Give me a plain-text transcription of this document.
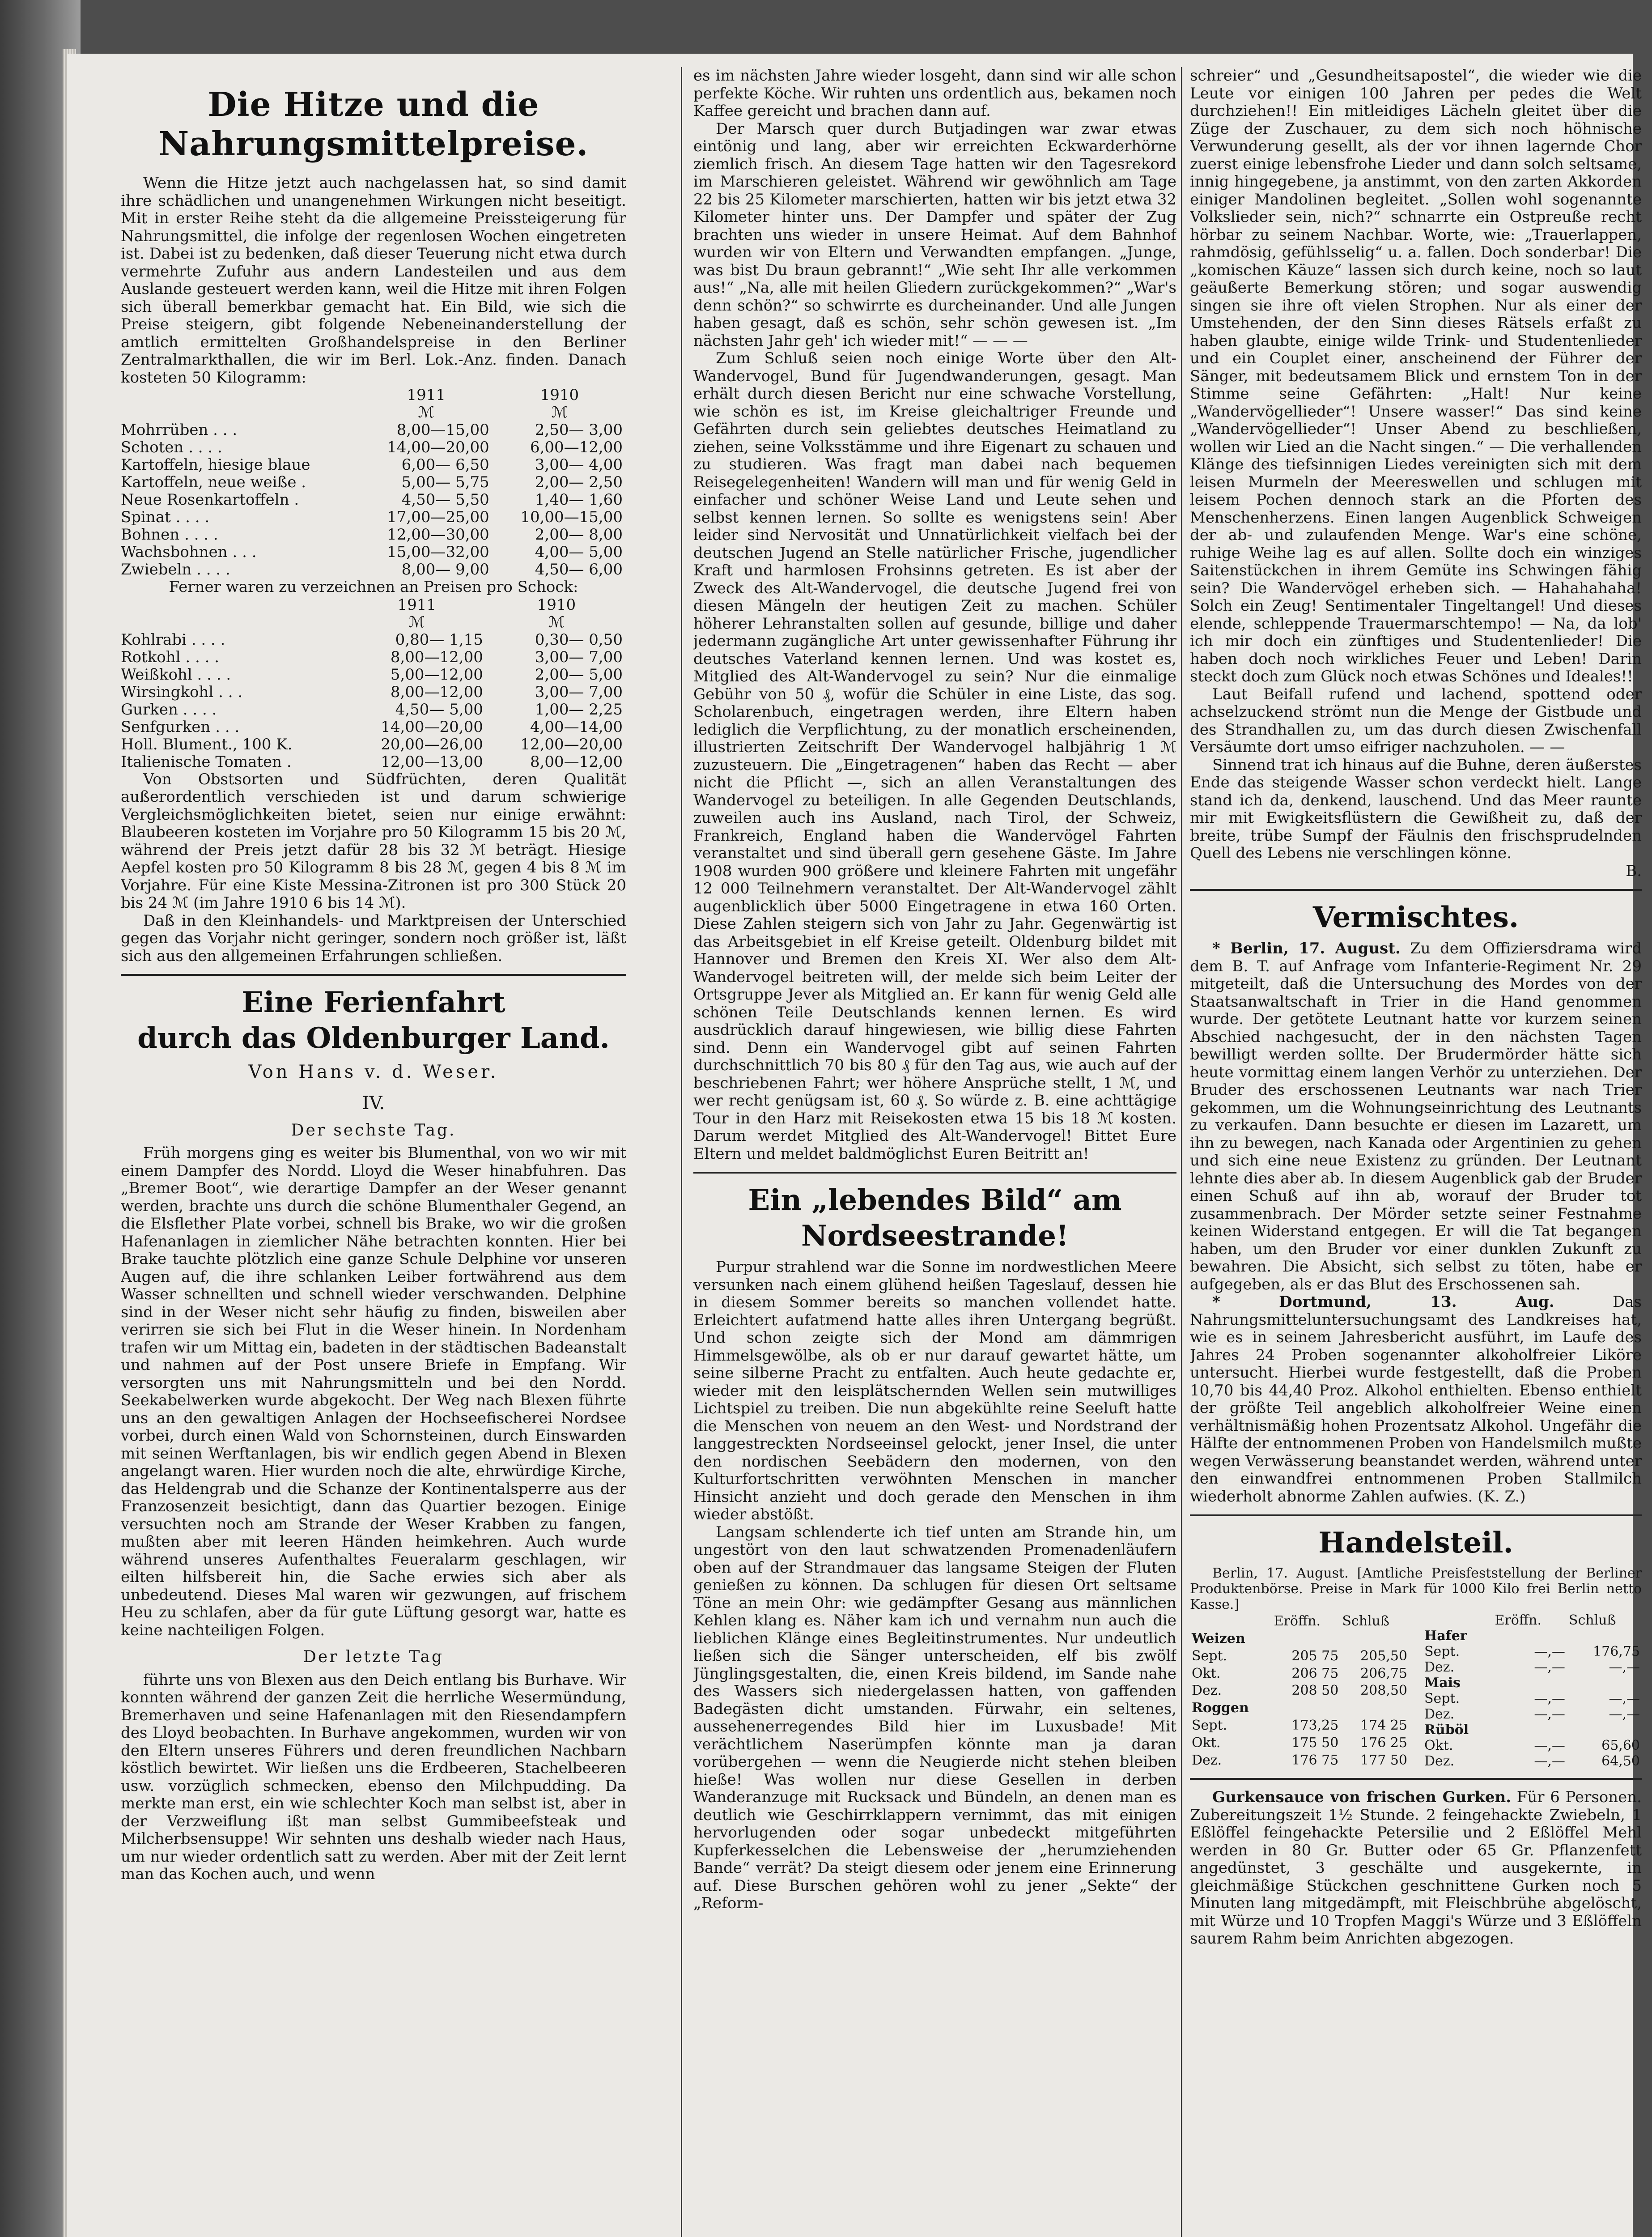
Die Hitze und die Nahrungsmittelpreise.

Wenn die Hitze jetzt auch nachgelassen hat, so sind damit ihre schädlichen und unangenehmen Wirkungen nicht beseitigt. Mit in erster Reihe steht da die allgemeine Preissteigerung für Nahrungsmittel, die infolge der regenlosen Wochen eingetreten ist. Dabei ist zu bedenken, daß dieser Teuerung nicht etwa durch vermehrte Zufuhr aus andern Landesteilen und aus dem Auslande gesteuert werden kann, weil die Hitze mit ihren Folgen sich überall bemerkbar gemacht hat. Ein Bild, wie sich die Preise steigern, gibt folgende Nebeneinanderstellung der amtlich ermittelten Großhandelspreise in den Berliner Zentralmarkthallen, die wir im Berl. Lok.-Anz. finden. Danach kosteten 50 Kilogramm:

	1911	1910
	ℳ	ℳ
Mohrrüben . . .	8,00—15,00	2,50— 3,00
Schoten . . . .	14,00—20,00	6,00—12,00
Kartoffeln, hiesige blaue	6,00— 6,50	3,00— 4,00
Kartoffeln, neue weiße .	5,00— 5,75	2,00— 2,50
Neue Rosenkartoffeln .	4,50— 5,50	1,40— 1,60
Spinat . . . .	17,00—25,00	10,00—15,00
Bohnen . . . .	12,00—30,00	2,00— 8,00
Wachsbohnen . . .	15,00—32,00	4,00— 5,00
Zwiebeln . . . .	8,00— 9,00	4,50— 6,00

Ferner waren zu verzeichnen an Preisen pro Schock:

	1911	1910
	ℳ	ℳ
Kohlrabi . . . .	0,80— 1,15	0,30— 0,50
Rotkohl . . . .	8,00—12,00	3,00— 7,00
Weißkohl . . . .	5,00—12,00	2,00— 5,00
Wirsingkohl . . .	8,00—12,00	3,00— 7,00
Gurken . . . .	4,50— 5,00	1,00— 2,25
Senfgurken . . .	14,00—20,00	4,00—14,00
Holl. Blument., 100 K.	20,00—26,00	12,00—20,00
Italienische Tomaten .	12,00—13,00	8,00—12,00

Von Obstsorten und Südfrüchten, deren Qualität außerordentlich verschieden ist und darum schwierige Vergleichsmöglichkeiten bietet, seien nur einige erwähnt: Blaubeeren kosteten im Vorjahre pro 50 Kilogramm 15 bis 20 ℳ, während der Preis jetzt dafür 28 bis 32 ℳ beträgt. Hiesige Aepfel kosten pro 50 Kilogramm 8 bis 28 ℳ, gegen 4 bis 8 ℳ im Vorjahre. Für eine Kiste Messina-Zitronen ist pro 300 Stück 20 bis 24 ℳ (im Jahre 1910 6 bis 14 ℳ).

Daß in den Kleinhandels- und Marktpreisen der Unterschied gegen das Vorjahr nicht geringer, sondern noch größer ist, läßt sich aus den allgemeinen Erfahrungen schließen.

Eine Ferienfahrt
durch das Oldenburger Land.
Von Hans v. d. Weser.
IV.
Der sechste Tag.

Früh morgens ging es weiter bis Blumenthal, von wo wir mit einem Dampfer des Nordd. Lloyd die Weser hinabfuhren. Das „Bremer Boot“, wie derartige Dampfer an der Weser genannt werden, brachte uns durch die schöne Blumenthaler Gegend, an die Elsflether Plate vorbei, schnell bis Brake, wo wir die großen Hafenanlagen in ziemlicher Nähe betrachten konnten. Hier bei Brake tauchte plötzlich eine ganze Schule Delphine vor unseren Augen auf, die ihre schlanken Leiber fortwährend aus dem Wasser schnellten und schnell wieder verschwanden. Delphine sind in der Weser nicht sehr häufig zu finden, bisweilen aber verirren sie sich bei Flut in die Weser hinein. In Nordenham trafen wir um Mittag ein, badeten in der städtischen Badeanstalt und nahmen auf der Post unsere Briefe in Empfang. Wir versorgten uns mit Nahrungsmitteln und bei den Nordd. Seekabelwerken wurde abgekocht. Der Weg nach Blexen führte uns an den gewaltigen Anlagen der Hochseefischerei Nordsee vorbei, durch einen Wald von Schornsteinen, durch Einswarden mit seinen Werftanlagen, bis wir endlich gegen Abend in Blexen angelangt waren. Hier wurden noch die alte, ehrwürdige Kirche, das Heldengrab und die Schanze der Kontinentalsperre aus der Franzosenzeit besichtigt, dann das Quartier bezogen. Einige versuchten noch am Strande der Weser Krabben zu fangen, mußten aber mit leeren Händen heimkehren. Auch wurde während unseres Aufenthaltes Feueralarm geschlagen, wir eilten hilfsbereit hin, die Sache erwies sich aber als unbedeutend. Dieses Mal waren wir gezwungen, auf frischem Heu zu schlafen, aber da für gute Lüftung gesorgt war, hatte es keine nachteiligen Folgen.

Der letzte Tag

führte uns von Blexen aus den Deich entlang bis Burhave. Wir konnten während der ganzen Zeit die herrliche Wesermündung, Bremerhaven und seine Hafenanlagen mit den Riesendampfern des Lloyd beobachten. In Burhave angekommen, wurden wir von den Eltern unseres Führers und deren freundlichen Nachbarn köstlich bewirtet. Wir ließen uns die Erdbeeren, Stachelbeeren usw. vorzüglich schmecken, ebenso den Milchpudding. Da merkte man erst, ein wie schlechter Koch man selbst ist, aber in der Verzweiflung ißt man selbst Gummibeefsteak und Milcherbsensuppe! Wir sehnten uns deshalb wieder nach Haus, um nur wieder ordentlich satt zu werden. Aber mit der Zeit lernt man das Kochen auch, und wenn

es im nächsten Jahre wieder losgeht, dann sind wir alle schon perfekte Köche. Wir ruhten uns ordentlich aus, bekamen noch Kaffee gereicht und brachen dann auf.

Der Marsch quer durch Butjadingen war zwar etwas eintönig und lang, aber wir erreichten Eckwarderhörne ziemlich frisch. An diesem Tage hatten wir den Tagesrekord im Marschieren geleistet. Während wir gewöhnlich am Tage 22 bis 25 Kilometer marschierten, hatten wir bis jetzt etwa 32 Kilometer hinter uns. Der Dampfer und später der Zug brachten uns wieder in unsere Heimat. Auf dem Bahnhof wurden wir von Eltern und Verwandten empfangen. „Junge, was bist Du braun gebrannt!“ „Wie seht Ihr alle verkommen aus!“ „Na, alle mit heilen Gliedern zurückgekommen?“ „War's denn schön?“ so schwirrte es durcheinander. Und alle Jungen haben gesagt, daß es schön, sehr schön gewesen ist. „Im nächsten Jahr geh' ich wieder mit!“ — — —

Zum Schluß seien noch einige Worte über den Alt-Wandervogel, Bund für Jugendwanderungen, gesagt. Man erhält durch diesen Bericht nur eine schwache Vorstellung, wie schön es ist, im Kreise gleichaltriger Freunde und Gefährten durch sein geliebtes deutsches Heimatland zu ziehen, seine Volksstämme und ihre Eigenart zu schauen und zu studieren. Was fragt man dabei nach bequemen Reisegelegenheiten! Wandern will man und für wenig Geld in einfacher und schöner Weise Land und Leute sehen und selbst kennen lernen. So sollte es wenigstens sein! Aber leider sind Nervosität und Unnatürlichkeit vielfach bei der deutschen Jugend an Stelle natürlicher Frische, jugendlicher Kraft und harmlosen Frohsinns getreten. Es ist aber der Zweck des Alt-Wandervogel, die deutsche Jugend frei von diesen Mängeln der heutigen Zeit zu machen. Schüler höherer Lehranstalten sollen auf gesunde, billige und daher jedermann zugängliche Art unter gewissenhafter Führung ihr deutsches Vaterland kennen lernen. Und was kostet es, Mitglied des Alt-Wandervogel zu sein? Nur die einmalige Gebühr von 50 ₰, wofür die Schüler in eine Liste, das sog. Scholarenbuch, eingetragen werden, ihre Eltern haben lediglich die Verpflichtung, zu der monatlich erscheinenden, illustrierten Zeitschrift Der Wandervogel halbjährig 1 ℳ zuzusteuern. Die „Eingetragenen“ haben das Recht — aber nicht die Pflicht —, sich an allen Veranstaltungen des Wandervogel zu beteiligen. In alle Gegenden Deutschlands, zuweilen auch ins Ausland, nach Tirol, der Schweiz, Frankreich, England haben die Wandervögel Fahrten veranstaltet und sind überall gern gesehene Gäste. Im Jahre 1908 wurden 900 größere und kleinere Fahrten mit ungefähr 12 000 Teilnehmern veranstaltet. Der Alt-Wandervogel zählt augenblicklich über 5000 Eingetragene in etwa 160 Orten. Diese Zahlen steigern sich von Jahr zu Jahr. Gegenwärtig ist das Arbeitsgebiet in elf Kreise geteilt. Oldenburg bildet mit Hannover und Bremen den Kreis XI. Wer also dem Alt-Wandervogel beitreten will, der melde sich beim Leiter der Ortsgruppe Jever als Mitglied an. Er kann für wenig Geld alle schönen Teile Deutschlands kennen lernen. Es wird ausdrücklich darauf hingewiesen, wie billig diese Fahrten sind. Denn ein Wandervogel gibt auf seinen Fahrten durchschnittlich 70 bis 80 ₰ für den Tag aus, wie auch auf der beschriebenen Fahrt; wer höhere Ansprüche stellt, 1 ℳ, und wer recht genügsam ist, 60 ₰. So würde z. B. eine achttägige Tour in den Harz mit Reisekosten etwa 15 bis 18 ℳ kosten. Darum werdet Mitglied des Alt-Wandervogel! Bittet Eure Eltern und meldet baldmöglichst Euren Beitritt an!

Ein „lebendes Bild“ am Nordseestrande!

Purpur strahlend war die Sonne im nordwestlichen Meere versunken nach einem glühend heißen Tageslauf, dessen hie in diesem Sommer bereits so manchen vollendet hatte. Erleichtert aufatmend hatte alles ihren Untergang begrüßt. Und schon zeigte sich der Mond am dämmrigen Himmelsgewölbe, als ob er nur darauf gewartet hätte, um seine silberne Pracht zu entfalten. Auch heute gedachte er, wieder mit den leisplätschernden Wellen sein mutwilliges Lichtspiel zu treiben. Die nun abgekühlte reine Seeluft hatte die Menschen von neuem an den West- und Nordstrand der langgestreckten Nordseeinsel gelockt, jener Insel, die unter den nordischen Seebädern den modernen, von den Kulturfortschritten verwöhnten Menschen in mancher Hinsicht anzieht und doch gerade den Menschen in ihm wieder abstößt.

Langsam schlenderte ich tief unten am Strande hin, um ungestört von den laut schwatzenden Promenadenläufern oben auf der Strandmauer das langsame Steigen der Fluten genießen zu können. Da schlugen für diesen Ort seltsame Töne an mein Ohr: wie gedämpfter Gesang aus männlichen Kehlen klang es. Näher kam ich und vernahm nun auch die lieblichen Klänge eines Begleitinstrumentes. Nur undeutlich ließen sich die Sänger unterscheiden, elf bis zwölf Jünglingsgestalten, die, einen Kreis bildend, im Sande nahe des Wassers sich niedergelassen hatten, von gaffenden Badegästen dicht umstanden. Fürwahr, ein seltenes, aussehenerregendes Bild hier im Luxusbade! Mit verächtlichem Naserümpfen könnte man ja daran vorübergehen — wenn die Neugierde nicht stehen bleiben hieße! Was wollen nur diese Gesellen in derben Wanderanzuge mit Rucksack und Bündeln, an denen man es deutlich wie Geschirrklappern vernimmt, das mit einigen hervorlugenden oder sogar unbedeckt mitgeführten Kupferkesselchen die Lebensweise der „herumziehenden Bande“ verrät? Da steigt diesem oder jenem eine Erinnerung auf. Diese Burschen gehören wohl zu jener „Sekte“ der „Reform-

schreier“ und „Gesundheitsapostel“, die wieder wie die Leute vor einigen 100 Jahren per pedes die Welt durchziehen!! Ein mitleidiges Lächeln gleitet über die Züge der Zuschauer, zu dem sich noch höhnische Verwunderung gesellt, als der vor ihnen lagernde Chor zuerst einige lebensfrohe Lieder und dann solch seltsame, innig hingegebene, ja anstimmt, von den zarten Akkorden einiger Mandolinen begleitet. „Sollen wohl sogenannte Volkslieder sein, nich?“ schnarrte ein Ostpreuße recht hörbar zu seinem Nachbar. Worte, wie: „Trauerlappen, rahmdösig, gefühlsselig“ u. a. fallen. Doch sonderbar! Die „komischen Käuze“ lassen sich durch keine, noch so laut geäußerte Bemerkung stören; und sogar auswendig singen sie ihre oft vielen Strophen. Nur als einer der Umstehenden, der den Sinn dieses Rätsels erfaßt zu haben glaubte, einige wilde Trink- und Studentenlieder und ein Couplet einer, anscheinend der Führer der Sänger, mit bedeutsamem Blick und ernstem Ton in der Stimme seine Gefährten: „Halt! Nur keine „Wandervögellieder“! Unsere wasser!“ Das sind keine „Wandervögellieder“! Unser Abend zu beschließen, wollen wir Lied an die Nacht singen.“ — Die verhallenden Klänge des tiefsinnigen Liedes vereinigten sich mit dem leisen Murmeln der Meereswellen und schlugen mit leisem Pochen dennoch stark an die Pforten des Menschenherzens. Einen langen Augenblick Schweigen der ab- und zulaufenden Menge. War's eine schöne, ruhige Weihe lag es auf allen. Sollte doch ein winziges Saitenstückchen in ihrem Gemüte ins Schwingen fähig sein? Die Wandervögel erheben sich. — Hahahahaha! Solch ein Zeug! Sentimentaler Tingeltangel! Und dieses elende, schleppende Trauermarschtempo! — Na, da lob' ich mir doch ein zünftiges und Studentenlieder! Die haben doch noch wirkliches Feuer und Leben! Darin steckt doch zum Glück noch etwas Schönes und Ideales!!

Laut Beifall rufend und lachend, spottend oder achselzuckend strömt nun die Menge der Gistbude und des Strandhallen zu, um das durch diesen Zwischenfall Versäumte dort umso eifriger nachzuholen. — —

Sinnend trat ich hinaus auf die Buhne, deren äußerstes Ende das steigende Wasser schon verdeckt hielt. Lange stand ich da, denkend, lauschend. Und das Meer raunte mir mit Ewigkeitsflüstern die Gewißheit zu, daß der breite, trübe Sumpf der Fäulnis den frischsprudelnden Quell des Lebens nie verschlingen könne.

B.
Vermischtes.

* Berlin, 17. August. Zu dem Offiziersdrama wird dem B. T. auf Anfrage vom Infanterie-Regiment Nr. 29 mitgeteilt, daß die Untersuchung des Mordes von der Staatsanwaltschaft in Trier in die Hand genommen wurde. Der getötete Leutnant hatte vor kurzem seinen Abschied nachgesucht, der in den nächsten Tagen bewilligt werden sollte. Der Brudermörder hätte sich heute vormittag einem langen Verhör zu unterziehen. Der Bruder des erschossenen Leutnants war nach Trier gekommen, um die Wohnungseinrichtung des Leutnants zu verkaufen. Dann besuchte er diesen im Lazarett, um ihn zu bewegen, nach Kanada oder Argentinien zu gehen und sich eine neue Existenz zu gründen. Der Leutnant lehnte dies aber ab. In diesem Augenblick gab der Bruder einen Schuß auf ihn ab, worauf der Bruder tot zusammenbrach. Der Mörder setzte seiner Festnahme keinen Widerstand entgegen. Er will die Tat begangen haben, um den Bruder vor einer dunklen Zukunft zu bewahren. Die Absicht, sich selbst zu töten, habe er aufgegeben, als er das Blut des Erschossenen sah.

* Dortmund, 13. Aug. Das Nahrungsmitteluntersuchungsamt des Landkreises hat, wie es in seinem Jahresbericht ausführt, im Laufe des Jahres 24 Proben sogenannter alkoholfreier Liköre untersucht. Hierbei wurde festgestellt, daß die Proben 10,70 bis 44,40 Proz. Alkohol enthielten. Ebenso enthielt der größte Teil angeblich alkoholfreier Weine einen verhältnismäßig hohen Prozentsatz Alkohol. Ungefähr die Hälfte der entnommenen Proben von Handelsmilch mußte wegen Verwässerung beanstandet werden, während unter den einwandfrei entnommenen Proben Stallmilch wiederholt abnorme Zahlen aufwies. (K. Z.)

Handelsteil.

Berlin, 17. August. [Amtliche Preisfeststellung der Berliner Produktenbörse. Preise in Mark für 1000 Kilo frei Berlin netto Kasse.]

	Eröffn.	Schluß
Weizen		
Sept.	205 75	205,50
Okt.	206 75	206,75
Dez.	208 50	208,50
Roggen		
Sept.	173,25	174 25
Okt.	175 50	176 25
Dez.	176 75	177 50
	Eröffn.	Schluß
Hafer		
Sept.	—,—	176,75
Dez.	—,—	—,—
Mais		
Sept.	—,—	—,—
Dez.	—,—	—,—
Rüböl		
Okt.	—,—	65,60
Dez.	—,—	64,50

Gurkensauce von frischen Gurken. Für 6 Personen. Zubereitungszeit 1½ Stunde. 2 feingehackte Zwiebeln, 1 Eßlöffel feingehackte Petersilie und 2 Eßlöffel Mehl werden in 80 Gr. Butter oder 65 Gr. Pflanzenfett angedünstet, 3 geschälte und ausgekernte, in gleichmäßige Stückchen geschnittene Gurken noch 5 Minuten lang mitgedämpft, mit Fleischbrühe abgelöscht, mit Würze und 10 Tropfen Maggi's Würze und 3 Eßlöffeln saurem Rahm beim Anrichten abgezogen.
